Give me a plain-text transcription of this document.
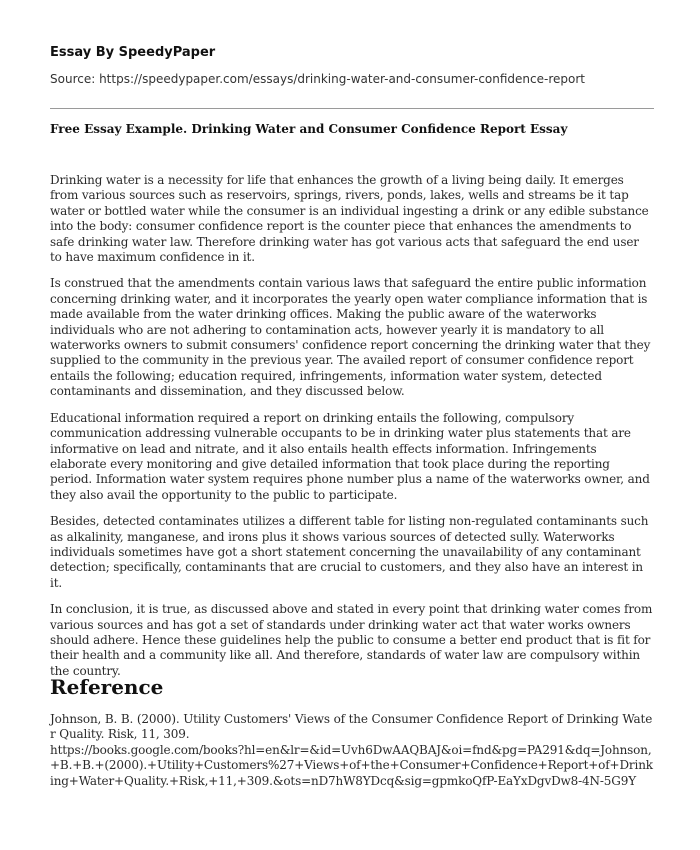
Essay By SpeedyPaper
Source: https://speedypaper.com/essays/drinking-water-and-consumer-confidence-report
Free Essay Example. Drinking Water and Consumer Confidence Report Essay

Drinking water is a necessity for life that enhances the growth of a living being daily. It emerges from various sources such as reservoirs, springs, rivers, ponds, lakes, wells and streams be it tap water or bottled water while the consumer is an individual ingesting a drink or any edible substance into the body: consumer confidence report is the counter piece that enhances the amendments to safe drinking water law. Therefore drinking water has got various acts that safeguard the end user to have maximum confidence in it.

Is construed that the amendments contain various laws that safeguard the entire public information concerning drinking water, and it incorporates the yearly open water compliance information that is made available from the water drinking offices. Making the public aware of the waterworks individuals who are not adhering to contamination acts, however yearly it is mandatory to all waterworks owners to submit consumers' confidence report concerning the drinking water that they supplied to the community in the previous year. The availed report of consumer confidence report entails the following; education required, infringements, information water system, detected contaminants and dissemination, and they discussed below.

Educational information required a report on drinking entails the following, compulsory communication addressing vulnerable occupants to be in drinking water plus statements that are informative on lead and nitrate, and it also entails health effects information. Infringements elaborate every monitoring and give detailed information that took place during the reporting period. Information water system requires phone number plus a name of the waterworks owner, and they also avail the opportunity to the public to participate.

Besides, detected contaminates utilizes a different table for listing non-regulated contaminants such as alkalinity, manganese, and irons plus it shows various sources of detected sully. Waterworks individuals sometimes have got a short statement concerning the unavailability of any contaminant detection; specifically, contaminants that are crucial to customers, and they also have an interest in it.

In conclusion, it is true, as discussed above and stated in every point that drinking water comes from various sources and has got a set of standards under drinking water act that water works owners should adhere. Hence these guidelines help the public to consume a better end product that is fit for their health and a community like all. And therefore, standards of water law are compulsory within the country.

Reference
Johnson, B. B. (2000). Utility Customers' Views of the Consumer Confidence Report of Drinking Water Quality. Risk, 11, 309.
https://books.google.com/books?hl=en&lr=&id=Uvh6DwAAQBAJ&oi=fnd&pg=PA291&dq=Johnson,+B.+B.+(2000).+Utility+Customers%27+Views+of+the+Consumer+Confidence+Report+of+Drinking+Water+Quality.+Risk,+11,+309.&ots=nD7hW8YDcq&sig=gpmkoQfP-EaYxDgvDw8-4N-5G9Y
